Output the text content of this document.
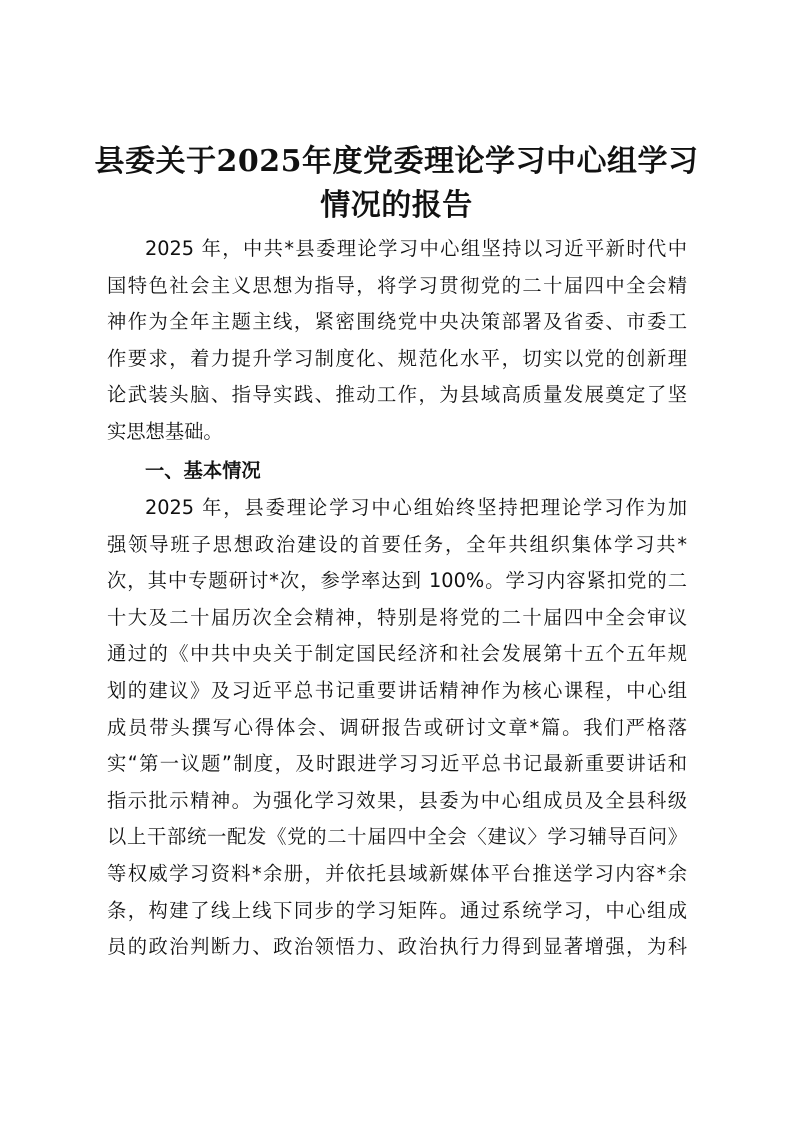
县委关于2025年度党委理论学习中心组学习
情况的报告
2025 年，中共*县委理论学习中心组坚持以习近平新时代中
国特色社会主义思想为指导，将学习贯彻党的二十届四中全会精
神作为全年主题主线，紧密围绕党中央决策部署及省委、市委工
作要求，着力提升学习制度化、规范化水平，切实以党的创新理
论武装头脑、指导实践、推动工作，为县域高质量发展奠定了坚
实思想基础。
一、基本情况
2025 年，县委理论学习中心组始终坚持把理论学习作为加
强领导班子思想政治建设的首要任务，全年共组织集体学习共*
次，其中专题研讨*次，参学率达到 100%。学习内容紧扣党的二
十大及二十届历次全会精神，特别是将党的二十届四中全会审议
通过的《中共中央关于制定国民经济和社会发展第十五个五年规
划的建议》及习近平总书记重要讲话精神作为核心课程，中心组
成员带头撰写心得体会、调研报告或研讨文章*篇。我们严格落
实“第一议题”制度，及时跟进学习习近平总书记最新重要讲话和
指示批示精神。为强化学习效果，县委为中心组成员及全县科级
以上干部统一配发《党的二十届四中全会〈建议〉学习辅导百问》
等权威学习资料*余册，并依托县域新媒体平台推送学习内容*余
条，构建了线上线下同步的学习矩阵。通过系统学习，中心组成
员的政治判断力、政治领悟力、政治执行力得到显著增强，为科
